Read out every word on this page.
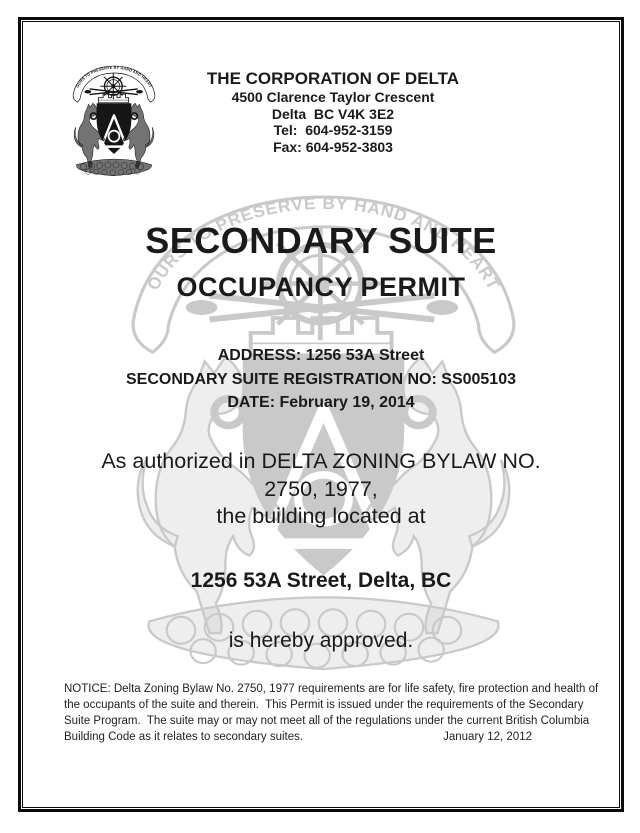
THE CORPORATION OF DELTA
4500 Clarence Taylor Crescent
Delta  BC V4K 3E2
Tel:  604-952-3159
Fax: 604-952-3803
SECONDARY SUITE
OCCUPANCY PERMIT
ADDRESS: 1256 53A Street
SECONDARY SUITE REGISTRATION NO: SS005103
DATE: February 19, 2014
As authorized in DELTA ZONING BYLAW NO.
2750, 1977,
the building located at
1256 53A Street, Delta, BC
is hereby approved.
NOTICE: Delta Zoning Bylaw No. 2750, 1977 requirements are for life safety, fire protection and health of
the occupants of the suite and therein.  This Permit is issued under the requirements of the Secondary
Suite Program.  The suite may or may not meet all of the regulations under the current British Columbia
Building Code as it relates to secondary suites.	January 12, 2012
